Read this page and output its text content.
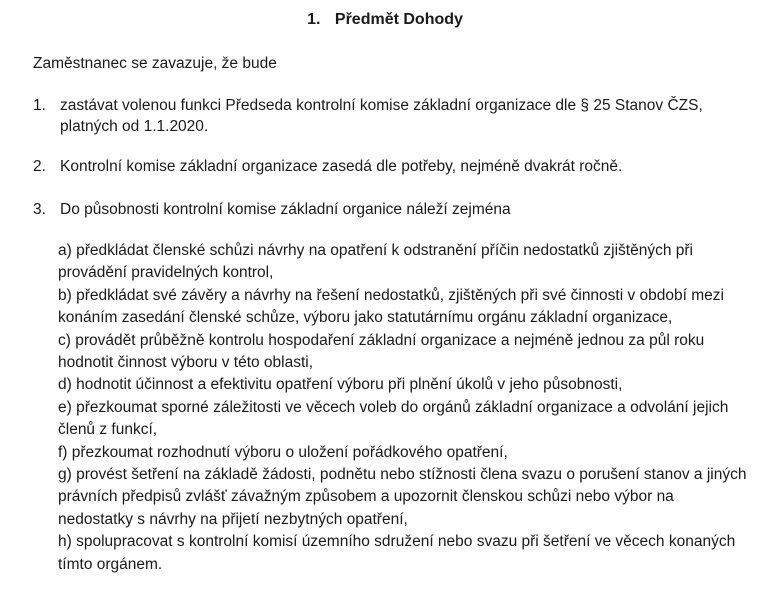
1. Předmět Dohody
Zaměstnanec se zavazuje, že bude
1. zastávat volenou funkci Předseda kontrolní komise základní organizace dle § 25 Stanov ČZS, platných od 1.1.2020.
2. Kontrolní komise základní organizace zasedá dle potřeby, nejméně dvakrát ročně.
3. Do působnosti kontrolní komise základní organice náleží zejména
a) předkládat členské schůzi návrhy na opatření k odstranění příčin nedostatků zjištěných při provádění pravidelných kontrol,
b) předkládat své závěry a návrhy na řešení nedostatků, zjištěných při své činnosti v období mezi konáním zasedání členské schůze, výboru jako statutárnímu orgánu základní organizace,
c) provádět průběžně kontrolu hospodaření základní organizace a nejméně jednou za půl roku hodnotit činnost výboru v této oblasti,
d) hodnotit účinnost a efektivitu opatření výboru při plnění úkolů v jeho působnosti,
e) přezkoumat sporné záležitosti ve věcech voleb do orgánů základní organizace a odvolání jejich členů z funkcí,
f) přezkoumat rozhodnutí výboru o uložení pořádkového opatření,
g) provést šetření na základě žádosti, podnětu nebo stížnosti člena svazu o porušení stanov a jiných právních předpisů zvlášť závažným způsobem a upozornit členskou schůzi nebo výbor na nedostatky s návrhy na přijetí nezbytných opatření,
h) spolupracovat s kontrolní komisí územního sdružení nebo svazu při šetření ve věcech konaných tímto orgánem.
